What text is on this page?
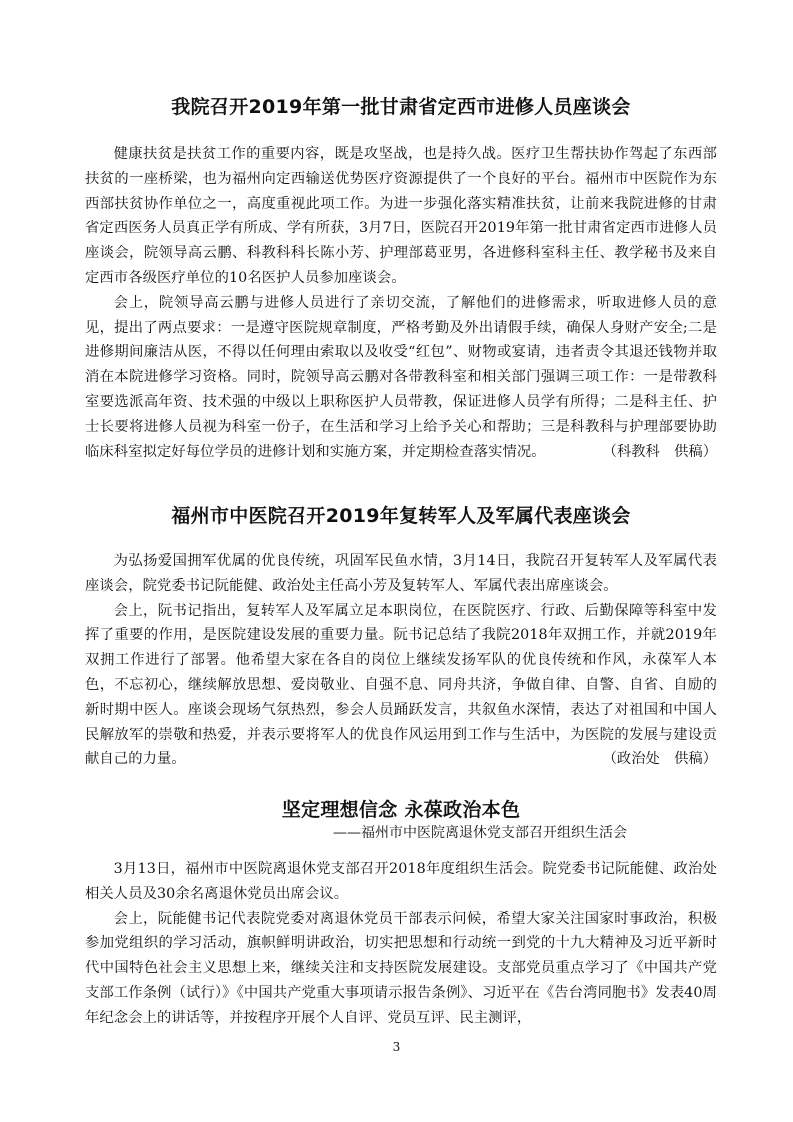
我院召开2019年第一批甘肃省定西市进修人员座谈会

健康扶贫是扶贫工作的重要内容，既是攻坚战，也是持久战。医疗卫生帮扶协作驾起了东西部扶贫的一座桥梁，也为福州向定西输送优势医疗资源提供了一个良好的平台。福州市中医院作为东西部扶贫协作单位之一，高度重视此项工作。为进一步强化落实精准扶贫，让前来我院进修的甘肃省定西医务人员真正学有所成、学有所获，3月7日，医院召开2019年第一批甘肃省定西市进修人员座谈会，院领导高云鹏、科教科科长陈小芳、护理部葛亚男，各进修科室科主任、教学秘书及来自定西市各级医疗单位的10名医护人员参加座谈会。

会上，院领导高云鹏与进修人员进行了亲切交流，了解他们的进修需求，听取进修人员的意见，提出了两点要求：一是遵守医院规章制度，严格考勤及外出请假手续，确保人身财产安全;二是进修期间廉洁从医，不得以任何理由索取以及收受“红包”、财物或宴请，违者责令其退还钱物并取消在本院进修学习资格。同时，院领导高云鹏对各带教科室和相关部门强调三项工作：一是带教科室要选派高年资、技术强的中级以上职称医护人员带教，保证进修人员学有所得；二是科主任、护士长要将进修人员视为科室一份子，在生活和学习上给予关心和帮助；三是科教科与护理部要协助临床科室拟定好每位学员的进修计划和实施方案，并定期检查落实情况。	（科教科　供稿）

福州市中医院召开2019年复转军人及军属代表座谈会

为弘扬爱国拥军优属的优良传统，巩固军民鱼水情，3月14日，我院召开复转军人及军属代表座谈会，院党委书记阮能健、政治处主任高小芳及复转军人、军属代表出席座谈会。

会上，阮书记指出，复转军人及军属立足本职岗位，在医院医疗、行政、后勤保障等科室中发挥了重要的作用，是医院建设发展的重要力量。阮书记总结了我院2018年双拥工作，并就2019年双拥工作进行了部署。他希望大家在各自的岗位上继续发扬军队的优良传统和作风，永葆军人本色，不忘初心，继续解放思想、爱岗敬业、自强不息、同舟共济，争做自律、自警、自省、自励的新时期中医人。座谈会现场气氛热烈，参会人员踊跃发言，共叙鱼水深情，表达了对祖国和中国人民解放军的崇敬和热爱，并表示要将军人的优良作风运用到工作与生活中，为医院的发展与建设贡献自己的力量。	（政治处　供稿）

坚定理想信念 永葆政治本色

——福州市中医院离退休党支部召开组织生活会

3月13日，福州市中医院离退休党支部召开2018年度组织生活会。院党委书记阮能健、政治处相关人员及30余名离退休党员出席会议。

会上，阮能健书记代表院党委对离退休党员干部表示问候，希望大家关注国家时事政治，积极参加党组织的学习活动，旗帜鲜明讲政治，切实把思想和行动统一到党的十九大精神及习近平新时代中国特色社会主义思想上来，继续关注和支持医院发展建设。支部党员重点学习了《中国共产党支部工作条例（试行）》《中国共产党重大事项请示报告条例》、习近平在《告台湾同胞书》发表40周年纪念会上的讲话等，并按程序开展个人自评、党员互评、民主测评，

3
